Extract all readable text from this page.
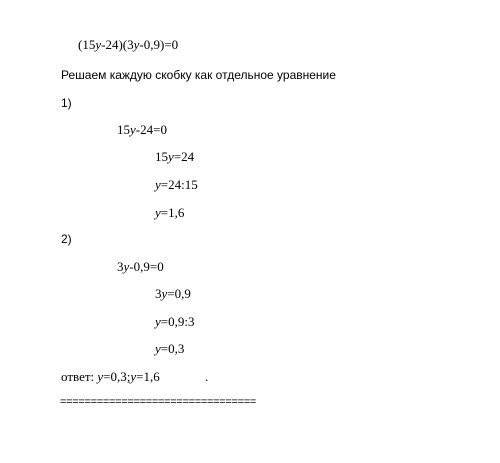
(15y-24)(3y-0,9)=0
Решаем каждую скобку как отдельное уравнение
1)
15y-24=0
15y=24
y=24:15
y=1,6
2)
3y-0,9=0
3y=0,9
y=0,9:3
y=0,3
ответ: y=0,3;y=1,6	.
================================
